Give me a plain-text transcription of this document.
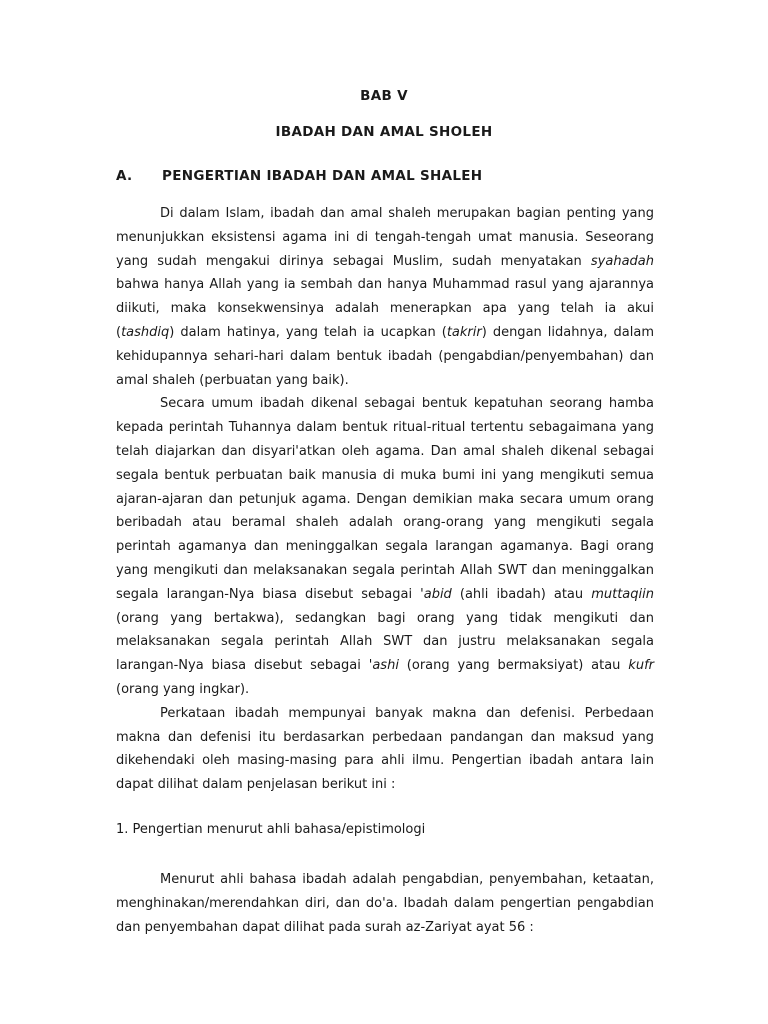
BAB V
IBADAH DAN AMAL SHOLEH
A. PENGERTIAN IBADAH DAN AMAL SHALEH

Di dalam Islam, ibadah dan amal shaleh merupakan bagian penting yang menunjukkan eksistensi agama ini di tengah-tengah umat manusia. Seseorang yang sudah mengakui dirinya sebagai Muslim, sudah menyatakan syahadah bahwa hanya Allah yang ia sembah dan hanya Muhammad rasul yang ajarannya diikuti, maka konsekwensinya adalah menerapkan apa yang telah ia akui (tashdiq) dalam hatinya, yang telah ia ucapkan (takrir) dengan lidahnya, dalam kehidupannya sehari-hari dalam bentuk ibadah (pengabdian/penyembahan) dan amal shaleh (perbuatan yang baik).

Secara umum ibadah dikenal sebagai bentuk kepatuhan seorang hamba kepada perintah Tuhannya dalam bentuk ritual-ritual tertentu sebagaimana yang telah diajarkan dan disyari'atkan oleh agama. Dan amal shaleh dikenal sebagai segala bentuk perbuatan baik manusia di muka bumi ini yang mengikuti semua ajaran-ajaran dan petunjuk agama. Dengan demikian maka secara umum orang beribadah atau beramal shaleh adalah orang-orang yang mengikuti segala perintah agamanya dan meninggalkan segala larangan agamanya. Bagi orang yang mengikuti dan melaksanakan segala perintah Allah SWT dan meninggalkan segala larangan-Nya biasa disebut sebagai 'abid (ahli ibadah) atau muttaqiin (orang yang bertakwa), sedangkan bagi orang yang tidak mengikuti dan melaksanakan segala perintah Allah SWT dan justru melaksanakan segala larangan-Nya biasa disebut sebagai 'ashi (orang yang bermaksiyat) atau kufr (orang yang ingkar).

Perkataan ibadah mempunyai banyak makna dan defenisi. Perbedaan makna dan defenisi itu berdasarkan perbedaan pandangan dan maksud yang dikehendaki oleh masing-masing para ahli ilmu. Pengertian ibadah antara lain dapat dilihat dalam penjelasan berikut ini :

1. Pengertian menurut ahli bahasa/epistimologi

Menurut ahli bahasa ibadah adalah pengabdian, penyembahan, ketaatan, menghinakan/merendahkan diri, dan do'a. Ibadah dalam pengertian pengabdian dan penyembahan dapat dilihat pada surah az-Zariyat ayat 56 :
